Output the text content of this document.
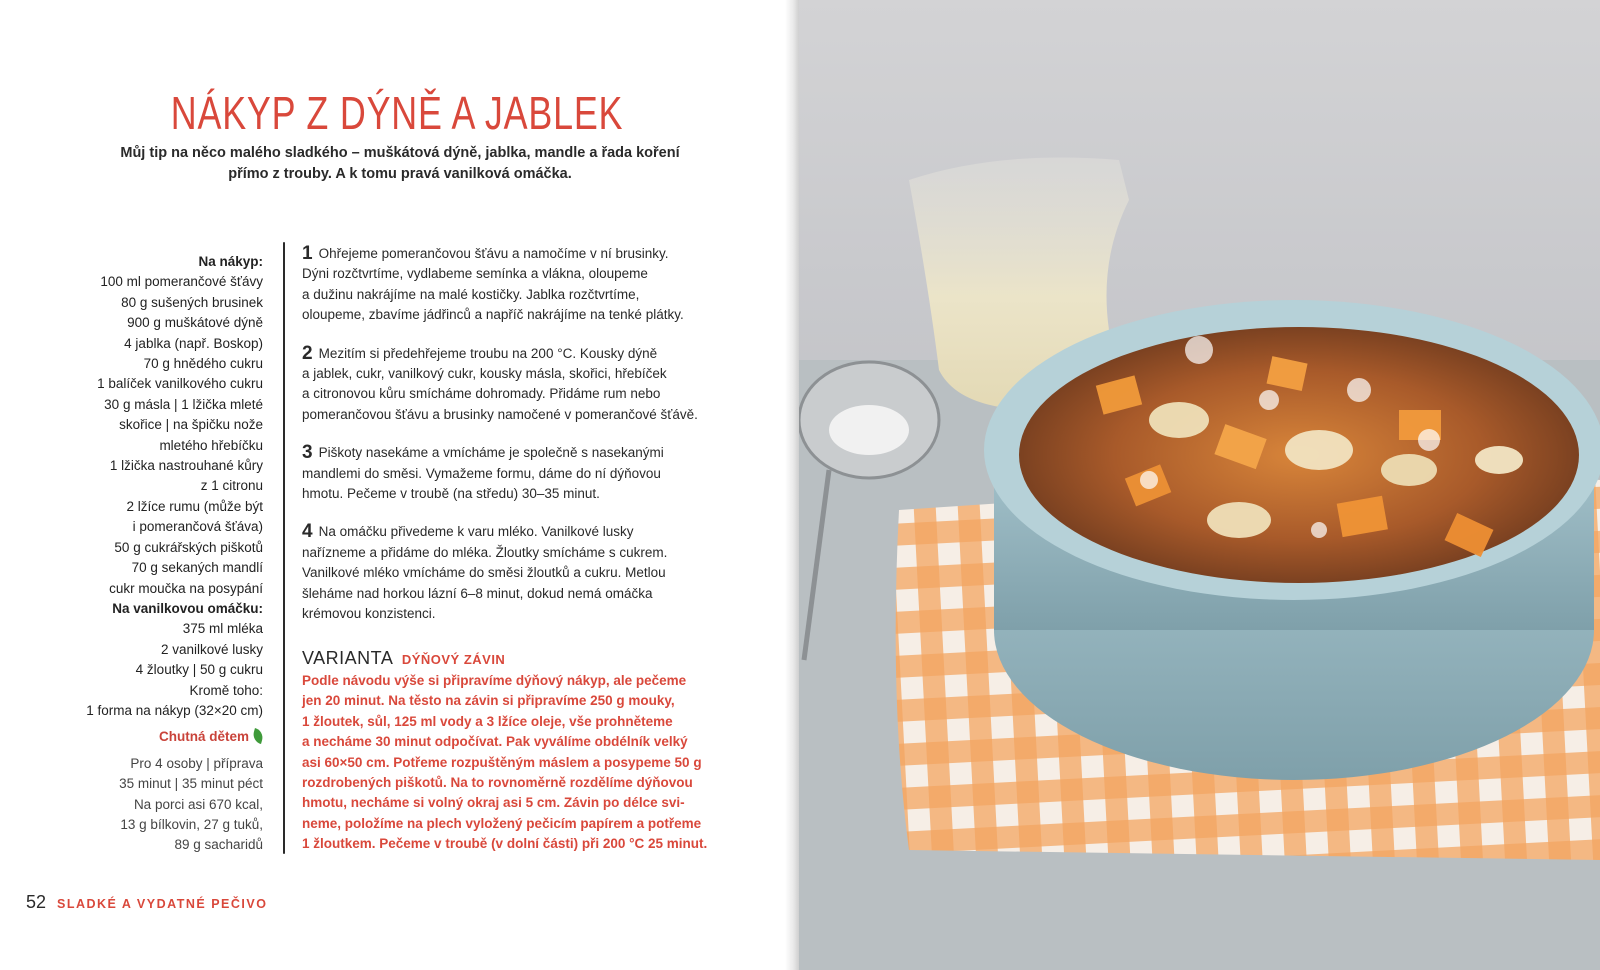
NÁKYP Z DÝNĚ A JABLEK
Můj tip na něco malého sladkého – muškátová dýně, jablka, mandle a řada koření
přímo z trouby. A k tomu pravá vanilková omáčka.
Na nákyp:
100 ml pomerančové šťávy
80 g sušených brusinek
900 g muškátové dýně
4 jablka (např. Boskop)
70 g hnědého cukru
1 balíček vanilkového cukru
30 g másla | 1 lžička mleté
skořice | na špičku nože
mletého hřebíčku
1 lžička nastrouhané kůry
z 1 citronu
2 lžíce rumu (může být
i pomerančová šťáva)
50 g cukrářských piškotů
70 g sekaných mandlí
cukr moučka na posypání
Na vanilkovou omáčku:
375 ml mléka
2 vanilkové lusky
4 žloutky | 50 g cukru
Kromě toho:
1 forma na nákyp (32×20 cm)
Chutná dětem
Pro 4 osoby | příprava
35 minut | 35 minut péct
Na porci asi 670 kcal,
13 g bílkovin, 27 g tuků,
89 g sacharidů
1 Ohřejeme pomerančovou šťávu a namočíme v ní brusinky.
Dýni rozčtvrtíme, vydlabeme semínka a vlákna, oloupeme
a dužinu nakrájíme na malé kostičky. Jablka rozčtvrtíme,
oloupeme, zbavíme jádřinců a napříč nakrájíme na tenké plátky.
2 Mezitím si předehřejeme troubu na 200 °C. Kousky dýně
a jablek, cukr, vanilkový cukr, kousky másla, skořici, hřebíček
a citronovou kůru smícháme dohromady. Přidáme rum nebo
pomerančovou šťávu a brusinky namočené v pomerančové šťávě.
3 Piškoty nasekáme a vmícháme je společně s nasekanými
mandlemi do směsi. Vymažeme formu, dáme do ní dýňovou
hmotu. Pečeme v troubě (na středu) 30–35 minut.
4 Na omáčku přivedeme k varu mléko. Vanilkové lusky
nařízneme a přidáme do mléka. Žloutky smícháme s cukrem.
Vanilkové mléko vmícháme do směsi žloutků a cukru. Metlou
šleháme nad horkou lázní 6–8 minut, dokud nemá omáčka
krémovou konzistenci.
VARIANTA DÝŇOVÝ ZÁVIN
Podle návodu výše si připravíme dýňový nákyp, ale pečeme
jen 20 minut. Na těsto na závin si připravíme 250 g mouky,
1 žloutek, sůl, 125 ml vody a 3 lžíce oleje, vše prohněteme
a necháme 30 minut odpočívat. Pak vyválíme obdélník velký
asi 60×50 cm. Potřeme rozpuštěným máslem a posypeme 50 g
rozdrobených piškotů. Na to rovnoměrně rozdělíme dýňovou
hmotu, necháme si volný okraj asi 5 cm. Závin po délce svi-
neme, položíme na plech vyložený pečicím papírem a potřeme
1 žloutkem. Pečeme v troubě (v dolní části) při 200 °C 25 minut.
52 SLADKÉ A VYDATNÉ PEČIVO
